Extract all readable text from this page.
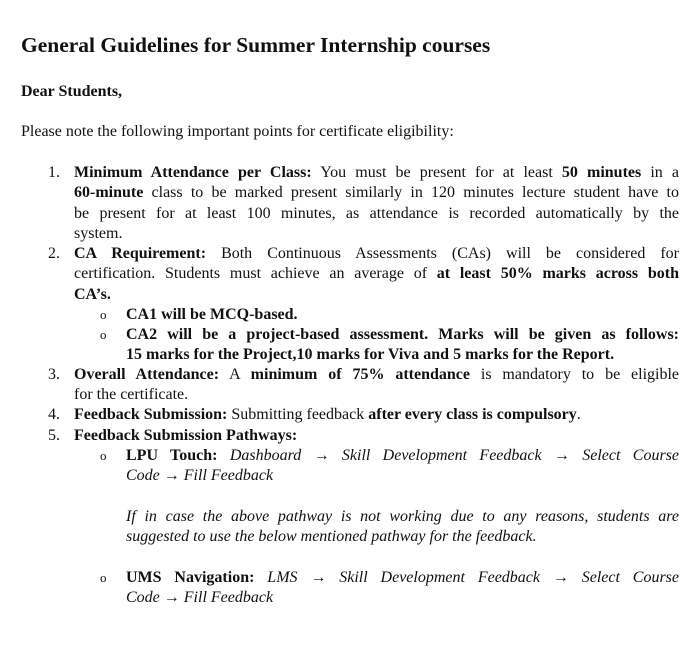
General Guidelines for Summer Internship courses
Dear Students,
Please note the following important points for certificate eligibility:
1. Minimum Attendance per Class: You must be present for at least 50 minutes in a
60-minute class to be marked present similarly in 120 minutes lecture student have to
be present for at least 100 minutes, as attendance is recorded automatically by the
system.
2. CA Requirement: Both Continuous Assessments (CAs) will be considered for
certification. Students must achieve an average of at least 50% marks across both
CA’s.
o CA1 will be MCQ-based.
o CA2 will be a project-based assessment. Marks will be given as follows:
15 marks for the Project,10 marks for Viva and 5 marks for the Report.
3. Overall Attendance: A minimum of 75% attendance is mandatory to be eligible
for the certificate.
4. Feedback Submission: Submitting feedback after every class is compulsory.
5. Feedback Submission Pathways:
o LPU Touch: Dashboard → Skill Development Feedback → Select Course
Code → Fill Feedback
If in case the above pathway is not working due to any reasons, students are
suggested to use the below mentioned pathway for the feedback.
o UMS Navigation: LMS → Skill Development Feedback → Select Course
Code → Fill Feedback
